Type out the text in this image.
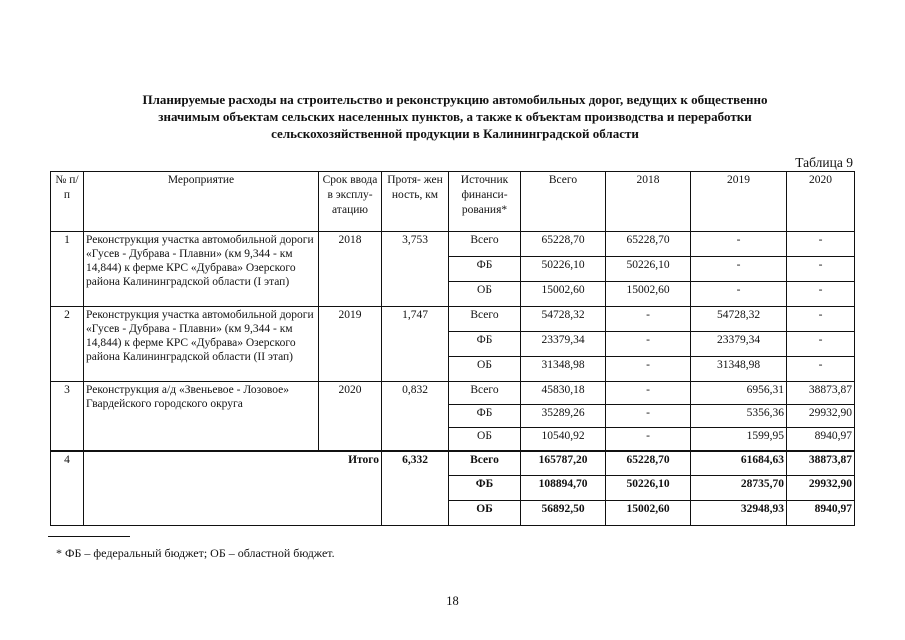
Планируемые расходы на строительство и реконструкцию автомобильных дорог, ведущих к общественно
значимым объектам сельских населенных пунктов, а также к объектам производства и переработки
сельскохозяйственной продукции в Калининградской области
Таблица 9
№ п/п	Мероприятие	Срок ввода в эксплу- атацию	Протя- жен ность, км	Источник финанси- рования*	Всего	2018	2019	2020
1	Реконструкция участка автомобильной дороги «Гусев - Дубрава - Плавни» (км 9,344 - км 14,844) к ферме КРС «Дубрава» Озерского района Калининградской области (I этап)	2018	3,753	Всего	65228,70	65228,70	-	-
				ФБ	50226,10	50226,10	-	-
				ОБ	15002,60	15002,60	-	-
2	Реконструкция участка автомобильной дороги «Гусев - Дубрава - Плавни» (км 9,344 - км 14,844) к ферме КРС «Дубрава» Озерского района Калининградской области (II этап)	2019	1,747	Всего	54728,32	-	54728,32	-
				ФБ	23379,34	-	23379,34	-
				ОБ	31348,98	-	31348,98	-
3	Реконструкция а/д «Звеньевое - Лозовое» Гвардейского городского округа	2020	0,832	Всего	45830,18	-	6956,31	38873,87
				ФБ	35289,26	-	5356,36	29932,90
				ОБ	10540,92	-	1599,95	8940,97
4	Итого		6,332	Всего	165787,20	65228,70	61684,63	38873,87
				ФБ	108894,70	50226,10	28735,70	29932,90
				ОБ	56892,50	15002,60	32948,93	8940,97
* ФБ – федеральный бюджет; ОБ – областной бюджет.
18
